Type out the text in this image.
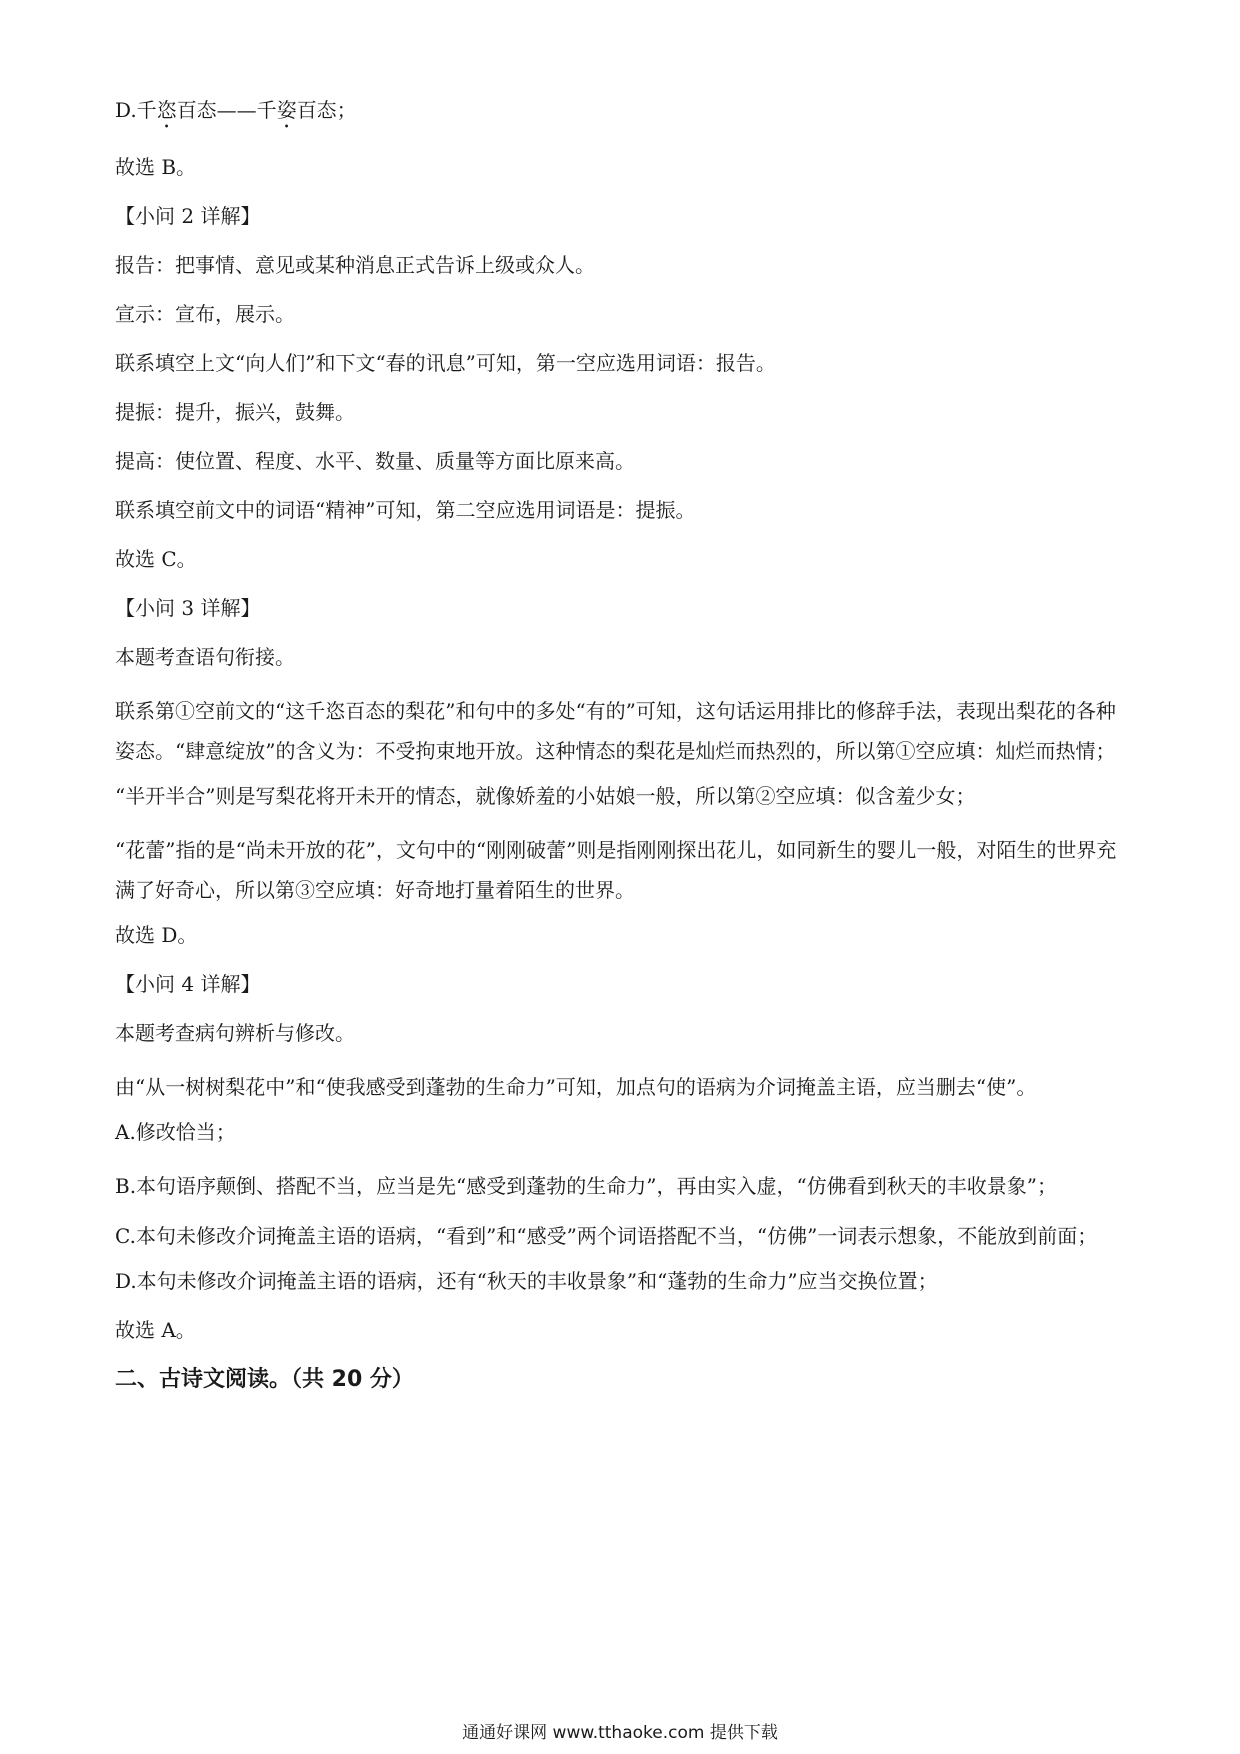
D.千恣百态——千姿百态；

故选 B。

【小问 2 详解】

报告：把事情、意见或某种消息正式告诉上级或众人。

宣示：宣布，展示。

联系填空上文“向人们”和下文“春的讯息”可知，第一空应选用词语：报告。

提振：提升，振兴，鼓舞。

提高：使位置、程度、水平、数量、质量等方面比原来高。

联系填空前文中的词语“精神”可知，第二空应选用词语是：提振。

故选 C。

【小问 3 详解】

本题考查语句衔接。

联系第①空前文的“这千恣百态的梨花”和句中的多处“有的”可知，这句话运用排比的修辞手法，表现出梨花的各种姿态。“肆意绽放”的含义为：不受拘束地开放。这种情态的梨花是灿烂而热烈的，所以第①空应填：灿烂而热情；

“半开半合”则是写梨花将开未开的情态，就像娇羞的小姑娘一般，所以第②空应填：似含羞少女；

“花蕾”指的是“尚未开放的花”，文句中的“刚刚破蕾”则是指刚刚探出花儿，如同新生的婴儿一般，对陌生的世界充满了好奇心，所以第③空应填：好奇地打量着陌生的世界。

故选 D。

【小问 4 详解】

本题考查病句辨析与修改。

由“从一树树梨花中”和“使我感受到蓬勃的生命力”可知，加点句的语病为介词掩盖主语，应当删去“使”。

A.修改恰当；

B.本句语序颠倒、搭配不当，应当是先“感受到蓬勃的生命力”，再由实入虚，“仿佛看到秋天的丰收景象”；

C.本句未修改介词掩盖主语的语病，“看到”和“感受”两个词语搭配不当，“仿佛”一词表示想象，不能放到前面；

D.本句未修改介词掩盖主语的语病，还有“秋天的丰收景象”和“蓬勃的生命力”应当交换位置；

故选 A。

二、古诗文阅读。（共 20 分）

通通好课网 www.tthaoke.com 提供下载
